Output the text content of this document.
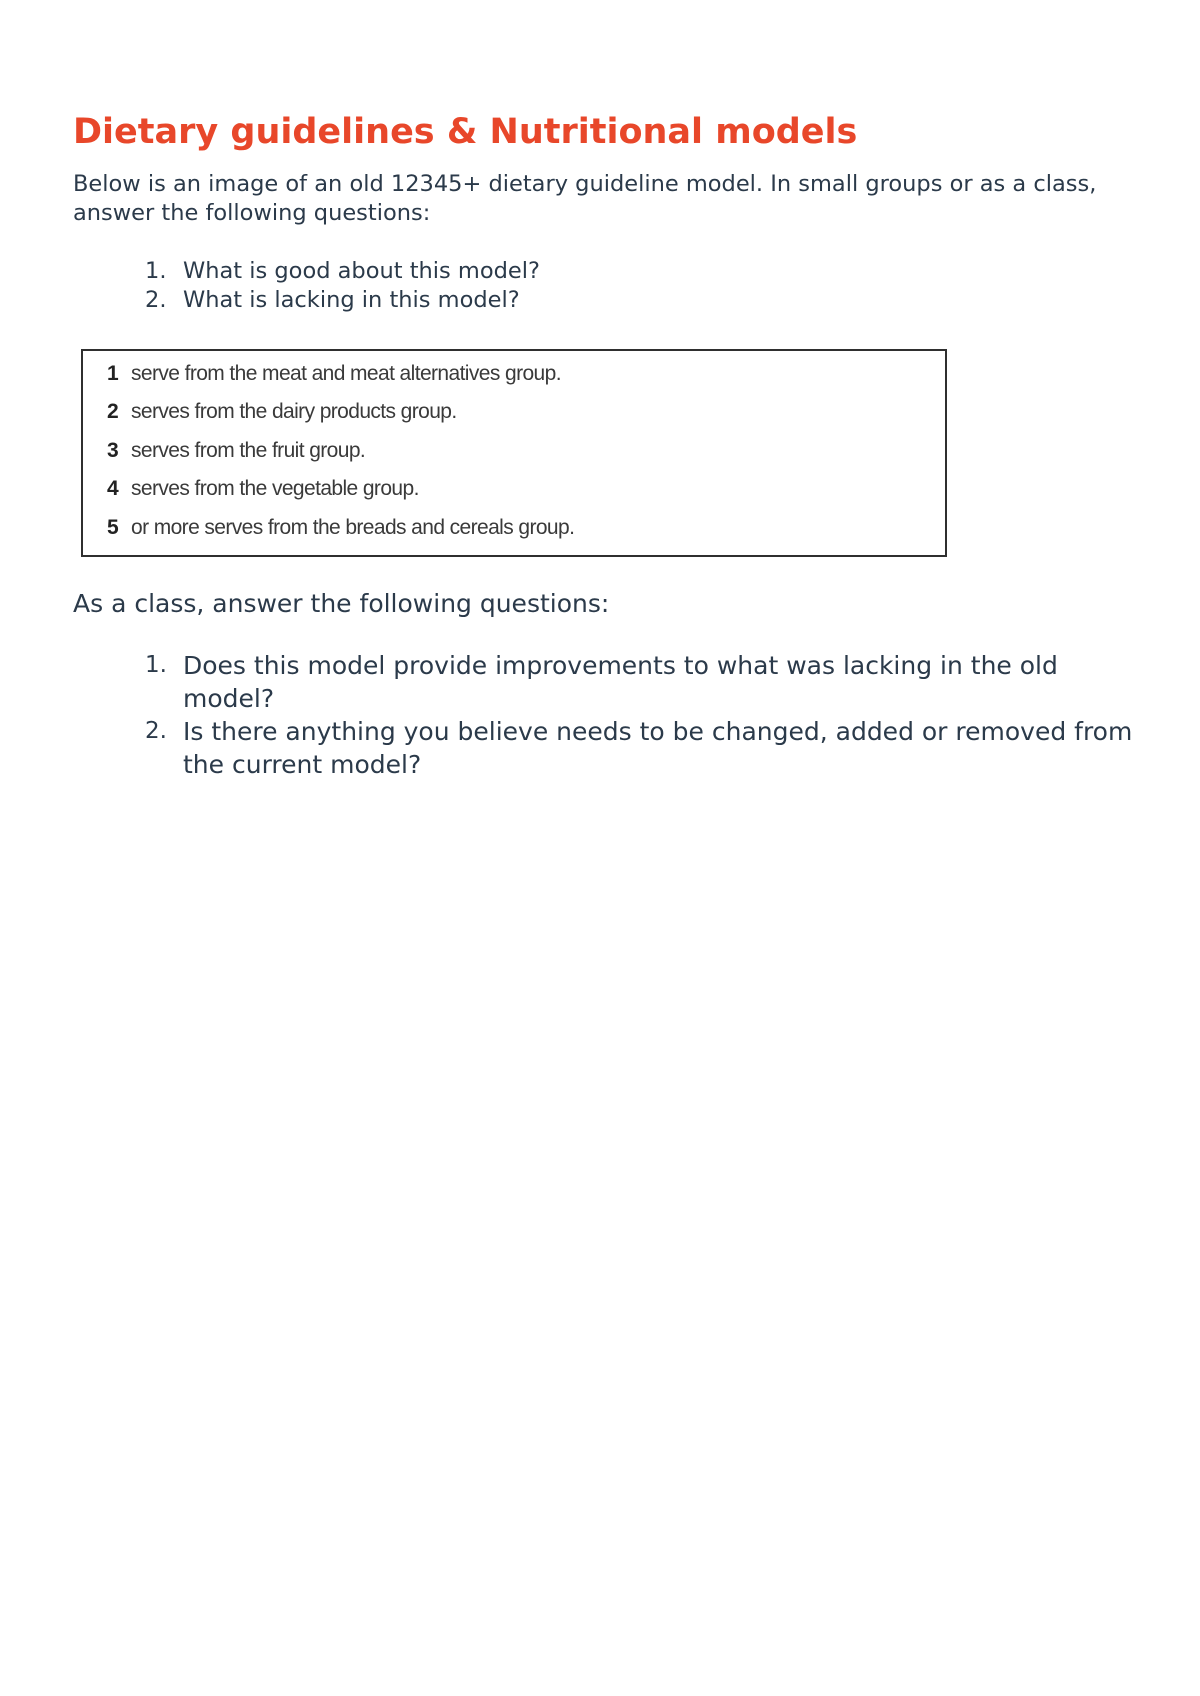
Dietary guidelines & Nutritional models

Below is an image of an old 12345+ dietary guideline model. In small groups or as a class, answer the following questions:

1. What is good about this model?
2. What is lacking in this model?
1 serve from the meat and meat alternatives group.
2 serves from the dairy products group.
3 serves from the fruit group.
4 serves from the vegetable group.
5 or more serves from the breads and cereals group.

As a class, answer the following questions:

1. Does this model provide improvements to what was lacking in the old model?
2. Is there anything you believe needs to be changed, added or removed from the current model?
